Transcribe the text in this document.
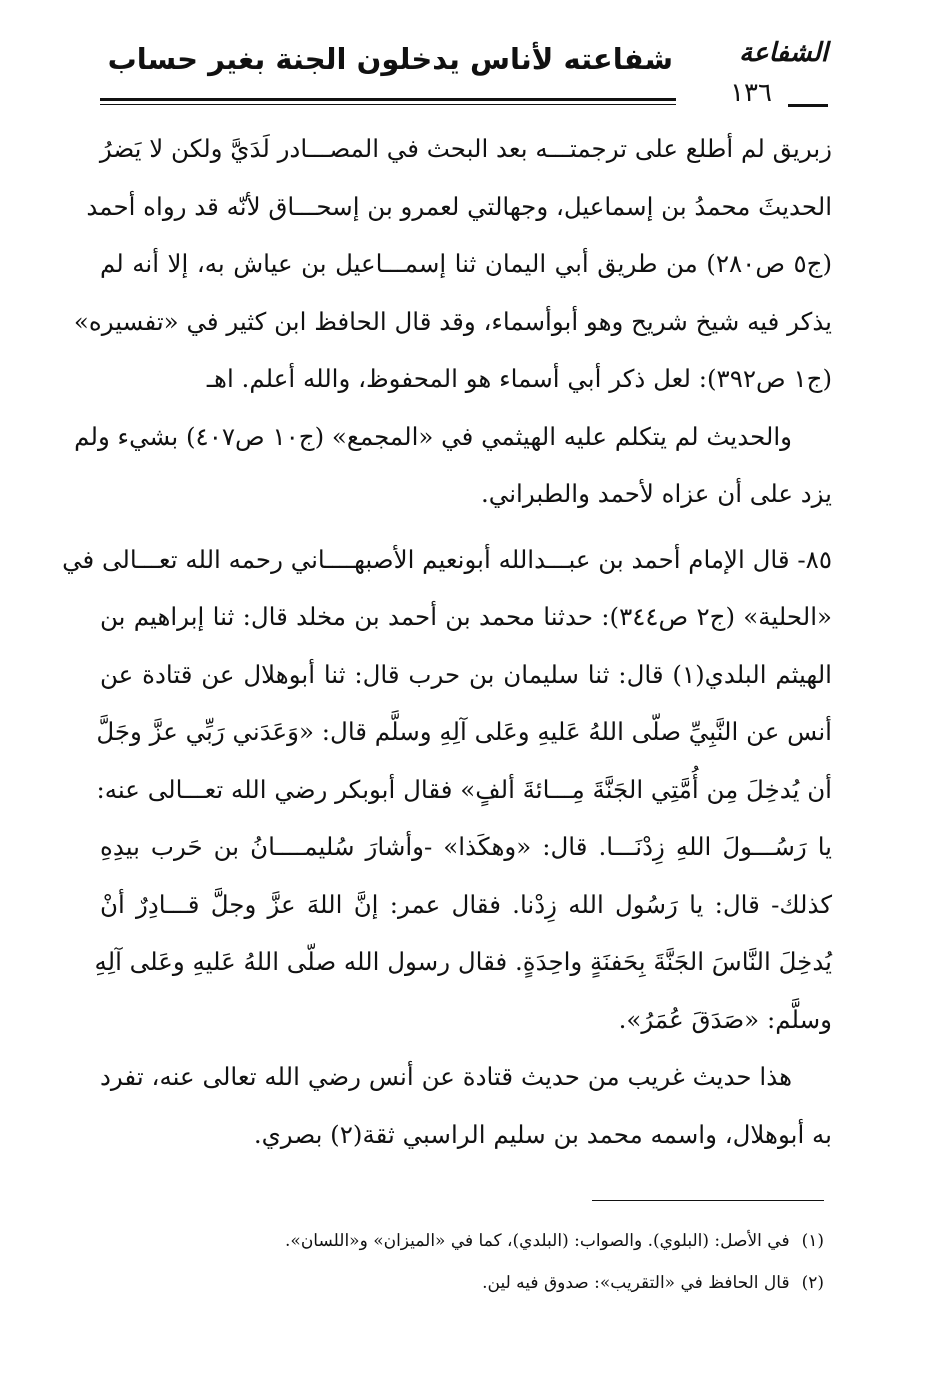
الشفاعة
شفاعته لأناس يدخلون الجنة بغير حساب
١٣٦
زبريق لم أطلع على ترجمتـــه بعد البحث في المصـــادر لَدَيَّ ولكن لا يَضرُ
الحديثَ محمدُ بن إسماعيل، وجهالتي لعمرو بن إسحـــاق لأنّه قد رواه أحمد
(ج٥ ص٢٨٠) من طريق أبي اليمان ثنا إسمـــاعيل بن عياش به، إلا أنه لم
يذكر فيه شيخ شريح وهو أبوأسماء، وقد قال الحافظ ابن كثير في «تفسيره»
(ج١ ص٣٩٢): لعل ذكر أبي أسماء هو المحفوظ، والله أعلم. اهـ
والحديث لم يتكلم عليه الهيثمي في «المجمع» (ج١٠ ص٤٠٧) بشيء ولم
يزد على أن عزاه لأحمد والطبراني.
٨٥- قال الإمام أحمد بن عبـــدالله أبونعيم الأصبهــــاني رحمه الله تعـــالى في
«الحلية» (ج٢ ص٣٤٤): حدثنا محمد بن أحمد بن مخلد قال: ثنا إبراهيم بن
الهيثم البلدي(١) قال: ثنا سليمان بن حرب قال: ثنا أبوهلال عن قتادة عن
أنس عن النَّبِيِّ صلّى اللهُ عَليهِ وعَلى آلِهِ وسلَّم قال: «وَعَدَني رَبِّي عزَّ وجَلَّ
أن يُدخِلَ مِن أُمَّتِي الجَنَّةَ مِـــائةَ ألفٍ» فقال أبوبكر رضي الله تعـــالى عنه:
يا رَسُـــولَ اللهِ زِدْنَـــا. قال: «وهكَذا» -وأشارَ سُليمــــانُ بن حَرب بيدِهِ
كذلك- قال: يا رَسُول الله زِدْنا. فقال عمر: إنَّ اللهَ عزَّ وجلَّ قـــادِرٌ أنْ
يُدخِلَ النَّاسَ الجَنَّةَ بِحَفنَةٍ واحِدَةٍ. فقال رسول الله صلّى اللهُ عَليهِ وعَلى آلِهِ
وسلَّم: «صَدَقَ عُمَرُ».
هذا حديث غريب من حديث قتادة عن أنس رضي الله تعالى عنه، تفرد
به أبوهلال، واسمه محمد بن سليم الراسبي ثقة(٢) بصري.
(١)في الأصل: (البلوي). والصواب: (البلدي)، كما في «الميزان» و«اللسان».
(٢)قال الحافظ في «التقريب»: صدوق فيه لين.
